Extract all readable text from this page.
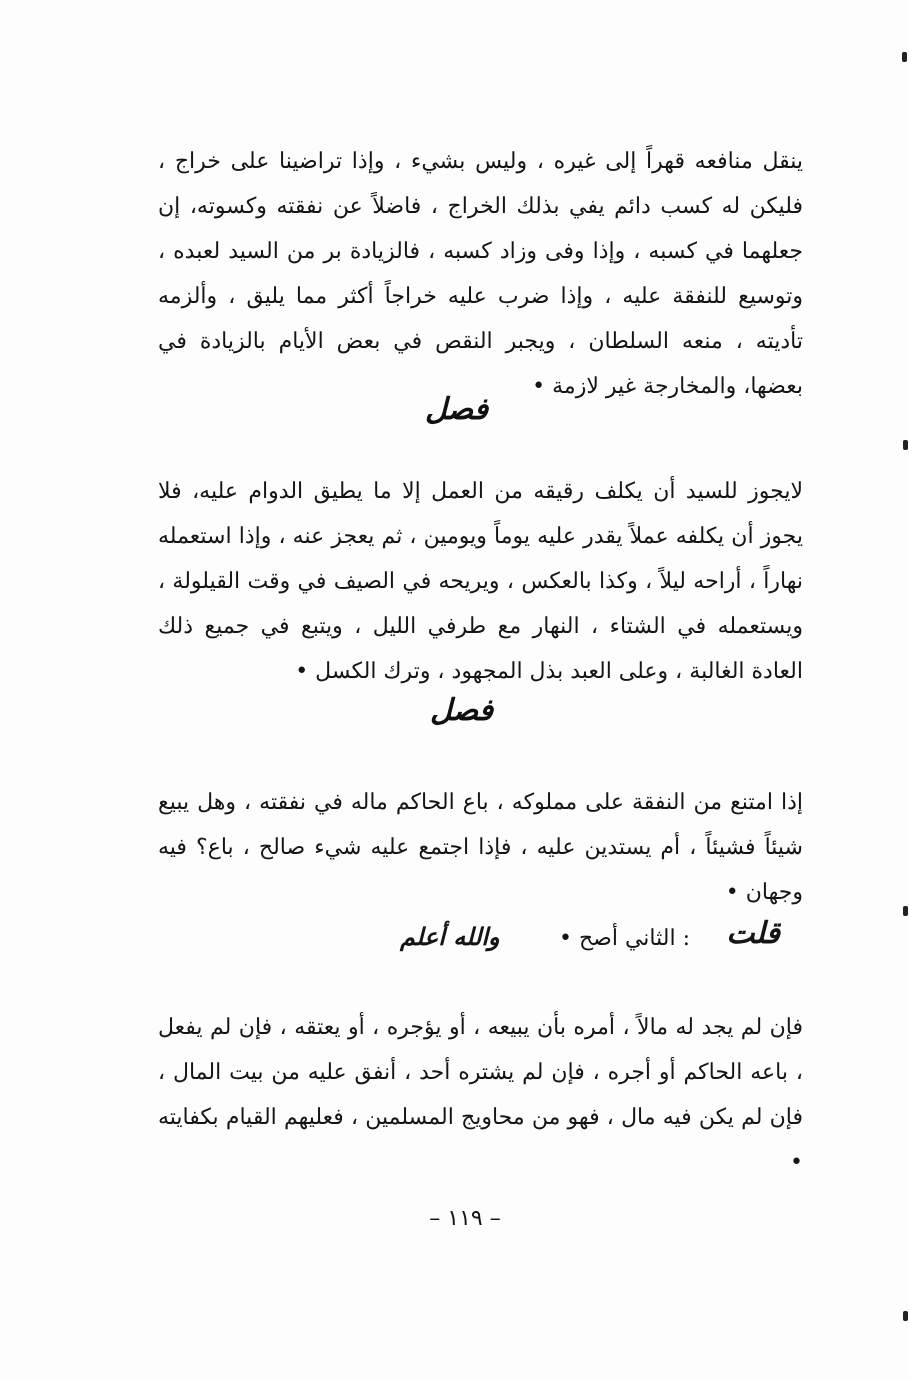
ينقل منافعه قهراً إلى غيره ، وليس بشيء ، وإذا تراضينا على خراج ، فليكن له كسب دائم يفي بذلك الخراج ، فاضلاً عن نفقته وكسوته، إن جعلهما في كسبه ، وإذا وفى وزاد كسبه ، فالزيادة بر من السيد لعبده ، وتوسيع للنفقة عليه ، وإذا ضرب عليه خراجاً أكثر مما يليق ، وألزمه تأديته ، منعه السلطان ، ويجبر النقص في بعض الأيام بالزيادة في بعضها، والمخارجة غير لازمة •
فصل
لايجوز للسيد أن يكلف رقيقه من العمل إلا ما يطيق الدوام عليه، فلا يجوز أن يكلفه عملاً يقدر عليه يوماً ويومين ، ثم يعجز عنه ، وإذا استعمله نهاراً ، أراحه ليلاً ، وكذا بالعكس ، ويريحه في الصيف في وقت القيلولة ، ويستعمله في الشتاء ، النهار مع طرفي الليل ، ويتبع في جميع ذلك العادة الغالبة ، وعلى العبد بذل المجهود ، وترك الكسل •
فصل
إذا امتنع من النفقة على مملوكه ، باع الحاكم ماله في نفقته ، وهل يبيع شيئاً فشيئاً ، أم يستدين عليه ، فإذا اجتمع عليه شيء صالح ، باع؟ فيه وجهان •
قلت
: الثاني أصح •
والله أعلم
فإن لم يجد له مالاً ، أمره بأن يبيعه ، أو يؤجره ، أو يعتقه ، فإن لم يفعل ، باعه الحاكم أو أجره ، فإن لم يشتره أحد ، أنفق عليه من بيت المال ، فإن لم يكن فيه مال ، فهو من محاويج المسلمين ، فعليهم القيام بكفايته •
– ١١٩ –
